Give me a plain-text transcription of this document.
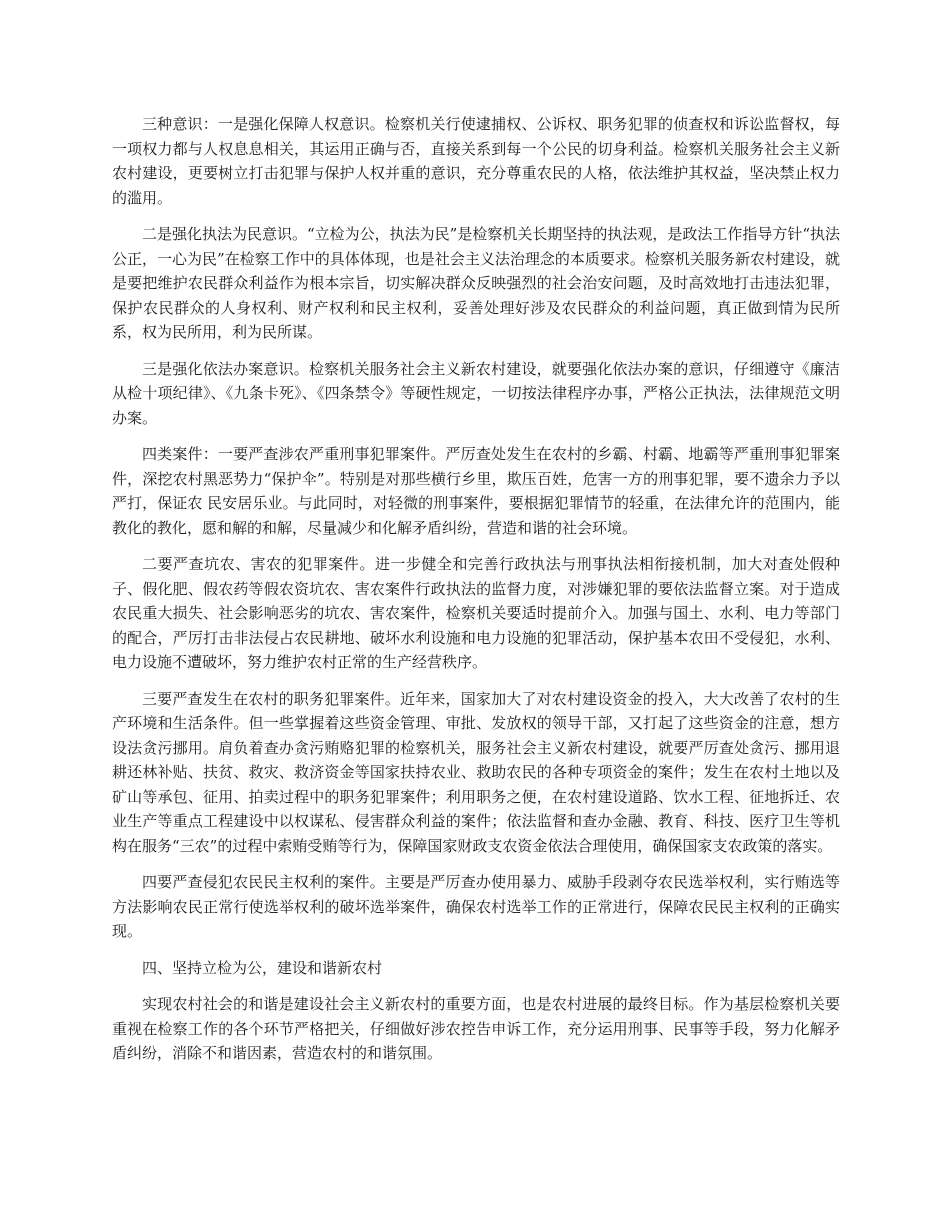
三种意识：一是强化保障人权意识。检察机关行使逮捕权、公诉权、职务犯罪的侦查权和诉讼监督权，每一项权力都与人权息息相关，其运用正确与否，直接关系到每一个公民的切身利益。检察机关服务社会主义新农村建设，更要树立打击犯罪与保护人权并重的意识，充分尊重农民的人格，依法维护其权益，坚决禁止权力的滥用。

二是强化执法为民意识。“立检为公，执法为民”是检察机关长期坚持的执法观，是政法工作指导方针“执法公正，一心为民”在检察工作中的具体体现，也是社会主义法治理念的本质要求。检察机关服务新农村建设，就是要把维护农民群众利益作为根本宗旨，切实解决群众反映强烈的社会治安问题，及时高效地打击违法犯罪，保护农民群众的人身权利、财产权利和民主权利，妥善处理好涉及农民群众的利益问题，真正做到情为民所系，权为民所用，利为民所谋。

三是强化依法办案意识。检察机关服务社会主义新农村建设，就要强化依法办案的意识，仔细遵守《廉洁从检十项纪律》、《九条卡死》、《四条禁令》等硬性规定，一切按法律程序办事，严格公正执法，法律规范文明办案。

四类案件：一要严查涉农严重刑事犯罪案件。严厉查处发生在农村的乡霸、村霸、地霸等严重刑事犯罪案件，深挖农村黑恶势力“保护伞”。特别是对那些横行乡里，欺压百姓，危害一方的刑事犯罪，要不遗余力予以严打，保证农 民安居乐业。与此同时，对轻微的刑事案件，要根据犯罪情节的轻重，在法律允许的范围内，能教化的教化，愿和解的和解，尽量减少和化解矛盾纠纷，营造和谐的社会环境。

二要严查坑农、害农的犯罪案件。进一步健全和完善行政执法与刑事执法相衔接机制，加大对查处假种子、假化肥、假农药等假农资坑农、害农案件行政执法的监督力度，对涉嫌犯罪的要依法监督立案。对于造成农民重大损失、社会影响恶劣的坑农、害农案件，检察机关要适时提前介入。加强与国土、水利、电力等部门的配合，严厉打击非法侵占农民耕地、破坏水利设施和电力设施的犯罪活动，保护基本农田不受侵犯，水利、电力设施不遭破坏，努力维护农村正常的生产经营秩序。

三要严查发生在农村的职务犯罪案件。近年来，国家加大了对农村建设资金的投入，大大改善了农村的生产环境和生活条件。但一些掌握着这些资金管理、审批、发放权的领导干部，又打起了这些资金的注意，想方设法贪污挪用。肩负着查办贪污贿赂犯罪的检察机关，服务社会主义新农村建设，就要严厉查处贪污、挪用退耕还林补贴、扶贫、救灾、救济资金等国家扶持农业、救助农民的各种专项资金的案件；发生在农村土地以及矿山等承包、征用、拍卖过程中的职务犯罪案件；利用职务之便，在农村建设道路、饮水工程、征地拆迁、农业生产等重点工程建设中以权谋私、侵害群众利益的案件；依法监督和查办金融、教育、科技、医疗卫生等机构在服务“三农”的过程中索贿受贿等行为，保障国家财政支农资金依法合理使用，确保国家支农政策的落实。

四要严查侵犯农民民主权利的案件。主要是严厉查办使用暴力、威胁手段剥夺农民选举权利，实行贿选等方法影响农民正常行使选举权利的破坏选举案件，确保农村选举工作的正常进行，保障农民民主权利的正确实现。

四、坚持立检为公，建设和谐新农村

实现农村社会的和谐是建设社会主义新农村的重要方面，也是农村进展的最终目标。作为基层检察机关要重视在检察工作的各个环节严格把关，仔细做好涉农控告申诉工作，充分运用刑事、民事等手段，努力化解矛盾纠纷，消除不和谐因素，营造农村的和谐氛围。
